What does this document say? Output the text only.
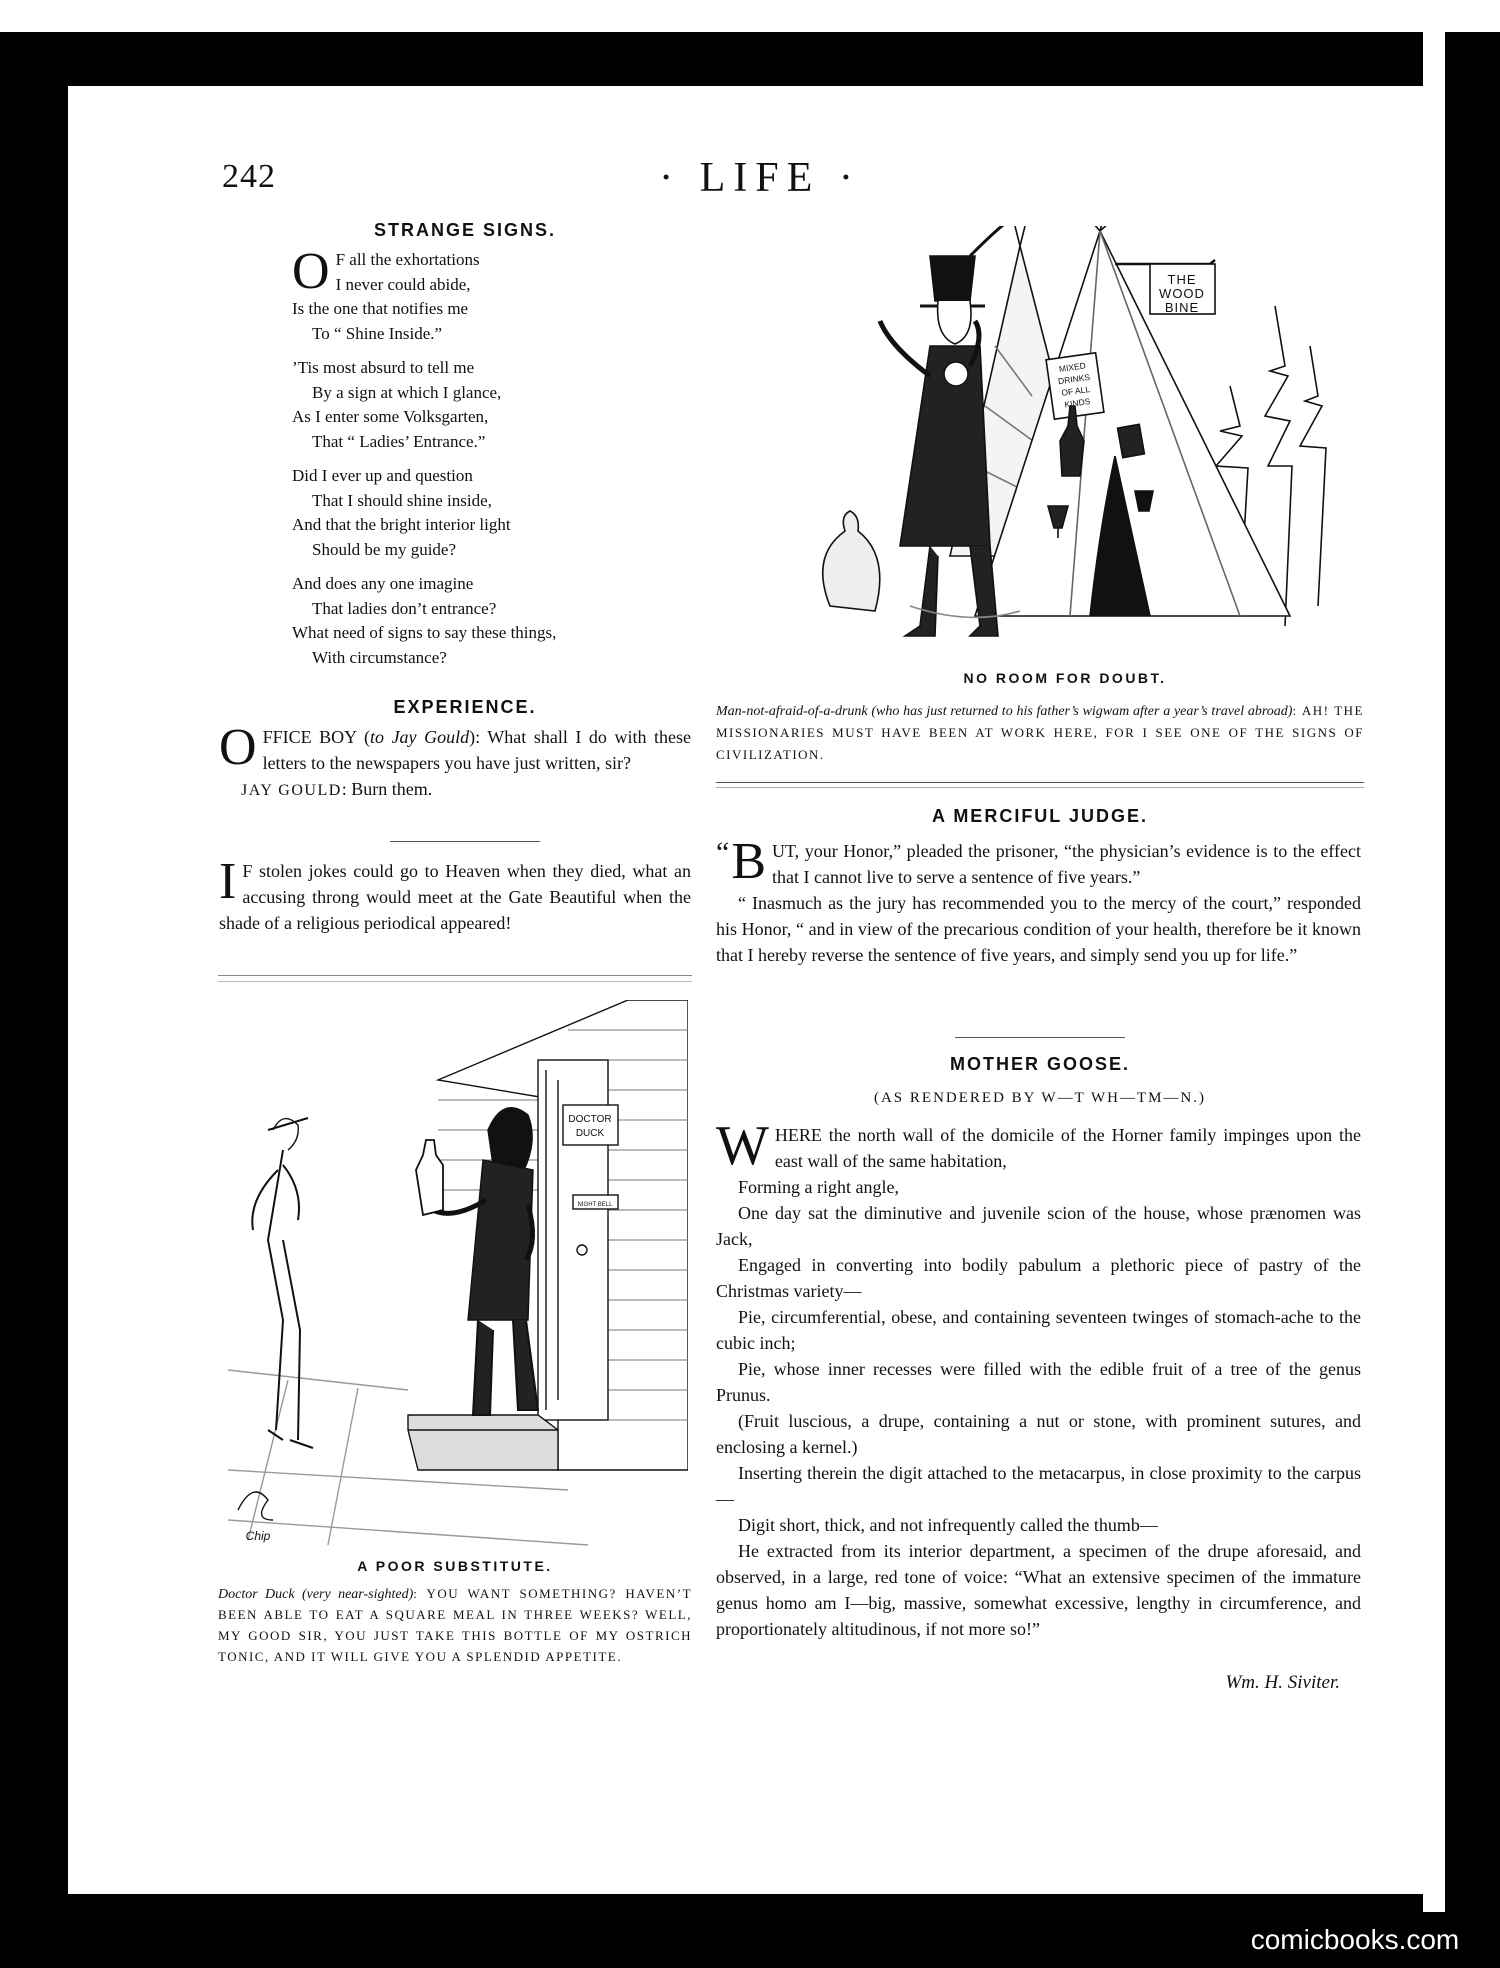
242	· LIFE ·
STRANGE SIGNS.
O F all the exhortations

I never could abide,

Is the one that notifies me

To “ Shine Inside.”

’Tis most absurd to tell me

By a sign at which I glance,

As I enter some Volksgarten,

That “ Ladies’ Entrance.”

Did I ever up and question

That I should shine inside,

And that the bright interior light

Should be my guide?

And does any one imagine

That ladies don’t entrance?

What need of signs to say these things,

With circumstance?

EXPERIENCE.

OFFICE BOY (to Jay Gould): What shall I do with these letters to the newspapers you have just written, sir?

JAY GOULD: Burn them.

I F stolen jokes could go to Heaven when they died, what an accusing throng would meet at the Gate Beautiful when the shade of a religious periodical appeared!

THE
WOOD
BINE
MIXED
DRINKS
OF ALL
KINDS
NO ROOM FOR DOUBT.
Man-not-afraid-of-a-drunk (who has just returned to his father’s wigwam after a year’s travel abroad): AH! THE MISSIONARIES MUST HAVE BEEN AT WORK HERE, FOR I SEE ONE OF THE SIGNS OF CIVILIZATION.
A MERCIFUL JUDGE.

“ B UT, your Honor,” pleaded the prisoner, “the physician’s evidence is to the effect that I cannot live to serve a sentence of five years.”

“ Inasmuch as the jury has recommended you to the mercy of the court,” responded his Honor, “ and in view of the precarious condition of your health, therefore be it known that I hereby reverse the sentence of five years, and simply send you up for life.”

MOTHER GOOSE.
(AS RENDERED BY W—T WH—TM—N.)

WHERE the north wall of the domicile of the Horner family impinges upon the east wall of the same habitation,

Forming a right angle,

One day sat the diminutive and juvenile scion of the house, whose prænomen was Jack,

Engaged in converting into bodily pabulum a plethoric piece of pastry of the Christmas variety—

Pie, circumferential, obese, and containing seventeen twinges of stomach-ache to the cubic inch;

Pie, whose inner recesses were filled with the edible fruit of a tree of the genus Prunus.

(Fruit luscious, a drupe, containing a nut or stone, with prominent sutures, and enclosing a kernel.)

Inserting therein the digit attached to the metacarpus, in close proximity to the carpus—

Digit short, thick, and not infrequently called the thumb—

He extracted from its interior department, a specimen of the drupe aforesaid, and observed, in a large, red tone of voice: “What an extensive specimen of the immature genus homo am I—big, massive, somewhat excessive, lengthy in circumference, and proportionately altitudinous, if not more so!”

Wm. H. Siviter.
DOCTOR
DUCK
NIGHT BELL
Chip
A POOR SUBSTITUTE.
Doctor Duck (very near-sighted): YOU WANT SOMETHING? HAVEN’T BEEN ABLE TO EAT A SQUARE MEAL IN THREE WEEKS? WELL, MY GOOD SIR, YOU JUST TAKE THIS BOTTLE OF MY OSTRICH TONIC, AND IT WILL GIVE YOU A SPLENDID APPETITE.
comicbooks.com
